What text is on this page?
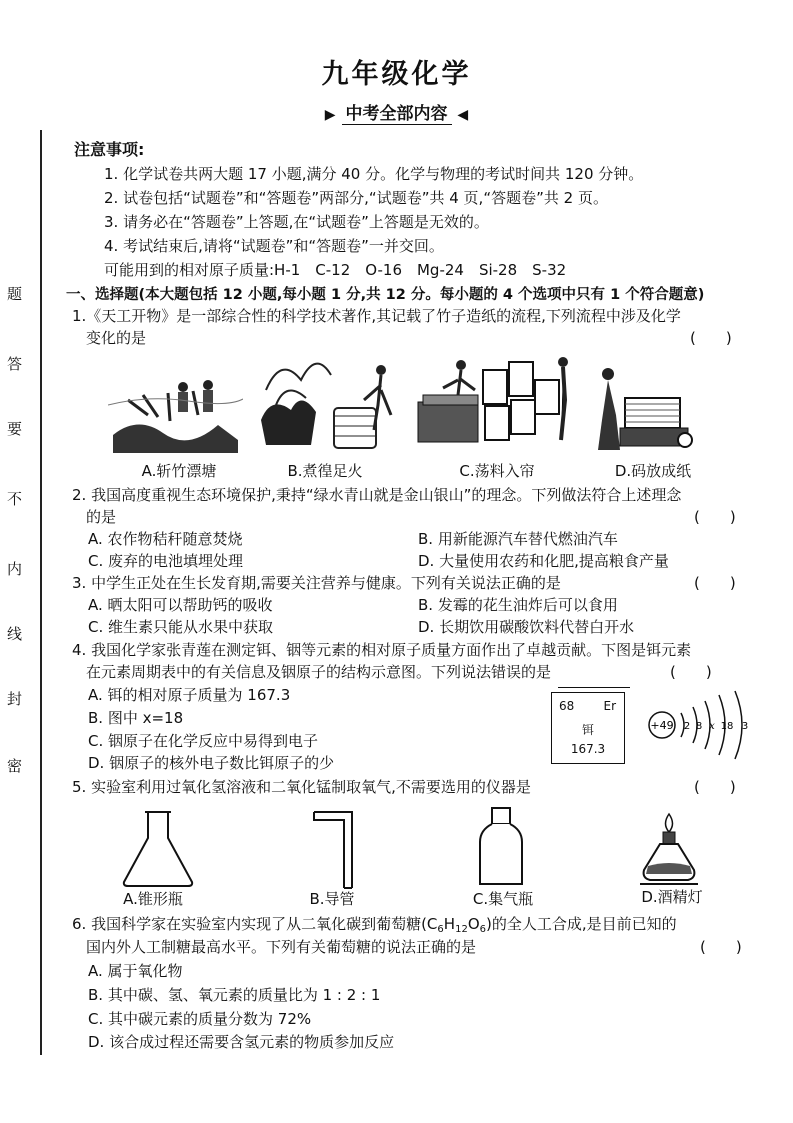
九年级化学
▶ 中考全部内容 ◀
题
答
要
不
内
线
封
密
注意事项:
1. 化学试卷共两大题 17 小题,满分 40 分。化学与物理的考试时间共 120 分钟。
2. 试卷包括“试题卷”和“答题卷”两部分,“试题卷”共 4 页,“答题卷”共 2 页。
3. 请务必在“答题卷”上答题,在“试题卷”上答题是无效的。
4. 考试结束后,请将“试题卷”和“答题卷”一并交回。
可能用到的相对原子质量:H-1　C-12　O-16　Mg-24　Si-28　S-32
一、选择题(本大题包括 12 小题,每小题 1 分,共 12 分。每小题的 4 个选项中只有 1 个符合题意)
1.《天工开物》是一部综合性的科学技术著作,其记载了竹子造纸的流程,下列流程中涉及化学
变化的是	(　　)
A.斩竹漂塘	B.煮徨足火	C.荡料入帘	D.码放成纸
2. 我国高度重视生态环境保护,秉持“绿水青山就是金山银山”的理念。下列做法符合上述理念
的是	(　　)
A. 农作物秸秆随意焚烧	B. 用新能源汽车替代燃油汽车
C. 废弃的电池填埋处理	D. 大量使用农药和化肥,提高粮食产量
3. 中学生正处在生长发育期,需要关注营养与健康。下列有关说法正确的是	(　　)
A. 晒太阳可以帮助钙的吸收	B. 发霉的花生油炸后可以食用
C. 维生素只能从水果中获取	D. 长期饮用碳酸饮料代替白开水
4. 我国化学家张青莲在测定铒、铟等元素的相对原子质量方面作出了卓越贡献。下图是铒元素
在元素周期表中的有关信息及铟原子的结构示意图。下列说法错误的是	(　　)
A. 铒的相对原子质量为 167.3
B. 图中 x=18
C. 铟原子在化学反应中易得到电子
D. 铟原子的核外电子数比铒原子的少
68 Er
铒
167.3
+49 2 8 x 18 3
5. 实验室利用过氧化氢溶液和二氧化锰制取氧气,不需要选用的仪器是	(　　)
A.锥形瓶	B.导管	C.集气瓶	D.酒精灯
6. 我国科学家在实验室内实现了从二氧化碳到葡萄糖$(C_6H_{12}O_6)$的全人工合成,是目前已知的
国内外人工制糖最高水平。下列有关葡萄糖的说法正确的是	(　　)
A. 属于氧化物
B. 其中碳、氢、氧元素的质量比为 1 : 2 : 1
C. 其中碳元素的质量分数为 72%
D. 该合成过程还需要含氢元素的物质参加反应
